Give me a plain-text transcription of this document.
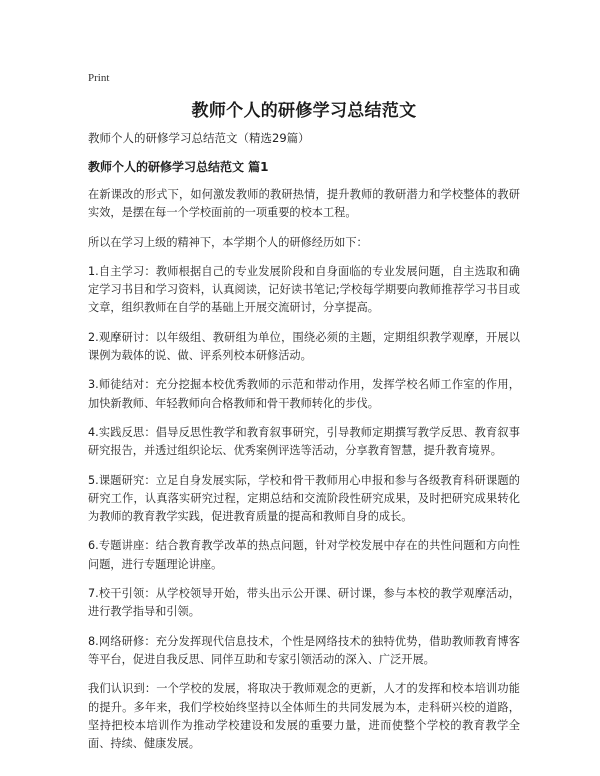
Print
教师个人的研修学习总结范文

教师个人的研修学习总结范文（精选29篇）

教师个人的研修学习总结范文 篇1

在新课改的形式下，如何激发教师的教研热情，提升教师的教研潜力和学校整体的教研实效，是摆在每一个学校面前的一项重要的校本工程。

所以在学习上级的精神下，本学期个人的研修经历如下：

1.自主学习：教师根据自己的专业发展阶段和自身面临的专业发展问题，自主选取和确定学习书目和学习资料，认真阅读，记好读书笔记;学校每学期要向教师推荐学习书目或文章，组织教师在自学的基础上开展交流研讨，分享提高。

2.观摩研讨：以年级组、教研组为单位，围绕必须的主题，定期组织教学观摩，开展以课例为载体的说、做、评系列校本研修活动。

3.师徒结对：充分挖掘本校优秀教师的示范和带动作用，发挥学校名师工作室的作用，加快新教师、年轻教师向合格教师和骨干教师转化的步伐。

4.实践反思：倡导反思性教学和教育叙事研究，引导教师定期撰写教学反思、教育叙事研究报告，并透过组织论坛、优秀案例评选等活动，分享教育智慧，提升教育境界。

5.课题研究：立足自身发展实际，学校和骨干教师用心申报和参与各级教育科研课题的研究工作，认真落实研究过程，定期总结和交流阶段性研究成果，及时把研究成果转化为教师的教育教学实践，促进教育质量的提高和教师自身的成长。

6.专题讲座：结合教育教学改革的热点问题，针对学校发展中存在的共性问题和方向性问题，进行专题理论讲座。

7.校干引领：从学校领导开始，带头出示公开课、研讨课，参与本校的教学观摩活动，进行教学指导和引领。

8.网络研修：充分发挥现代信息技术，个性是网络技术的独特优势，借助教师教育博客等平台，促进自我反思、同伴互助和专家引领活动的深入、广泛开展。

我们认识到：一个学校的发展，将取决于教师观念的更新，人才的发挥和校本培训功能的提升。多年来，我们学校始终坚持以全体师生的共同发展为本，走科研兴校的道路，坚持把校本培训作为推动学校建设和发展的重要力量，进而使整个学校的教育教学全面、持续、健康发展。
